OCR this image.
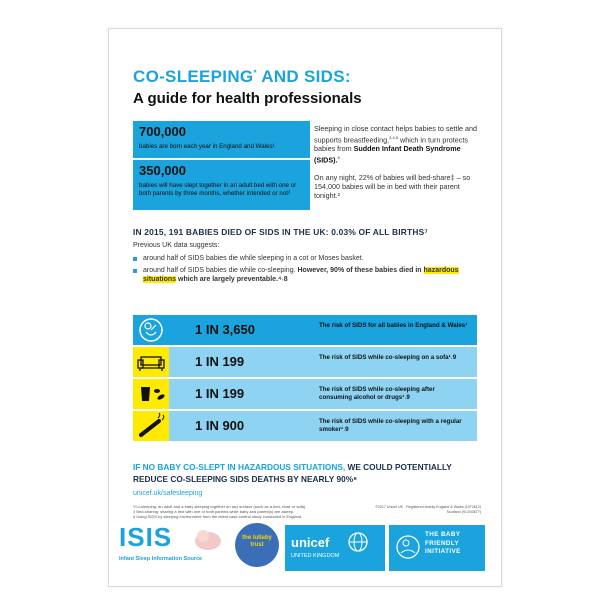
CO-SLEEPING* AND SIDS:
A guide for health professionals
700,000
babies are born each year in England and Wales¹
350,000
babies will have slept together in an adult bed with one or both parents by three months, whether intended or not²
Sleeping in close contact helps babies to settle and supports breastfeeding,$^{3,4,5}$ which in turn protects babies from Sudden Infant Death Syndrome (SIDS).$^6$
On any night, 22% of babies will bed-share‡ – so 154,000 babies will be in bed with their parent tonight.²
IN 2015, 191 BABIES DIED OF SIDS IN THE UK: 0.03% OF ALL BIRTHS⁷
Previous UK data suggests:
around half of SIDS babies die while sleeping in a cot or Moses basket.
around half of SIDS babies die while co-sleeping. However, 90% of these babies died in hazardous situations which are largely preventable.⁴˒8
1 IN 3,650	The risk of SIDS for all babies in England & Wales¹
1 IN 199	The risk of SIDS while co-sleeping on a sofa¹˒9
1 IN 199	The risk of SIDS while co-sleeping after consuming alcohol or drugs¹˒9
1 IN 900	The risk of SIDS while co-sleeping with a regular smoker¹˒9
IF NO BABY CO-SLEPT IN HAZARDOUS SITUATIONS, WE COULD POTENTIALLY REDUCE CO-SLEEPING SIDS DEATHS BY NEARLY 90%⁸
unicef.uk/safesleeping
*Co-sleeping: an adult and a baby sleeping together on any surface (such as a bed, chair or sofa).
‡ Bed-sharing: sharing a bed with one or both parents while baby and parent(s) are asleep.
# Using SIDS by sleeping environment from the latest case-control study conducted in England.
©2017 Unicef UK · Registered charity England & Wales (1072612) Scotland (SC043677)
ISIS
Infant Sleep Information Source
the lullaby trust	unicef
UNITED KINGDOM
THE BABY FRIENDLY INITIATIVE
